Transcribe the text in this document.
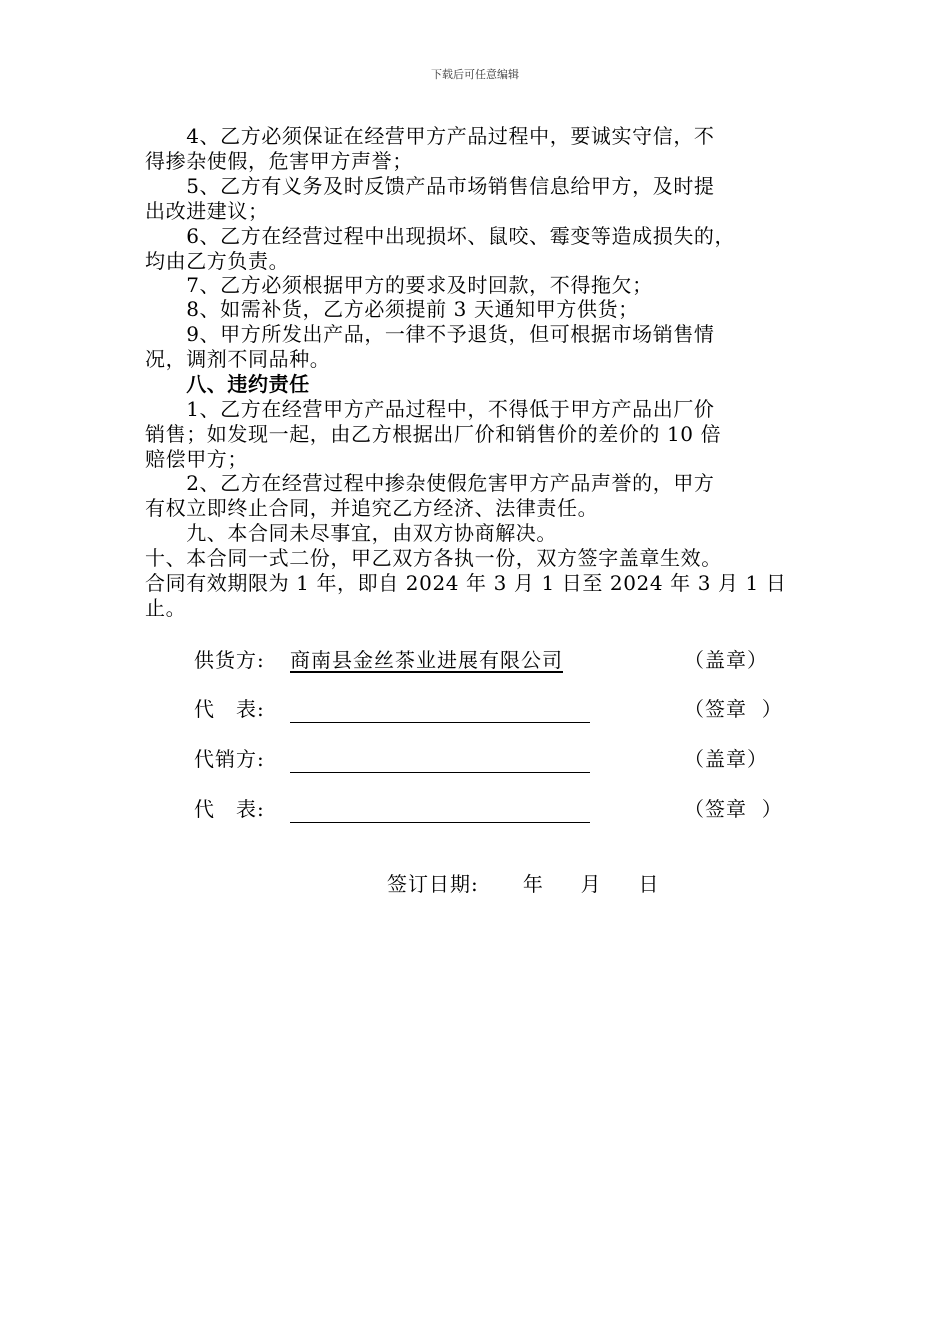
下载后可任意编辑
　　4、乙方必须保证在经营甲方产品过程中，要诚实守信，不
得掺杂使假，危害甲方声誉；
　　5、乙方有义务及时反馈产品市场销售信息给甲方，及时提
出改进建议；
　　6、乙方在经营过程中出现损坏、鼠咬、霉变等造成损失的，
均由乙方负责。
　　7、乙方必须根据甲方的要求及时回款，不得拖欠；
　　8、如需补货，乙方必须提前 3 天通知甲方供货；
　　9、甲方所发出产品，一律不予退货，但可根据市场销售情
况，调剂不同品种。
　　八、违约责任
　　1、乙方在经营甲方产品过程中，不得低于甲方产品出厂价
销售；如发现一起，由乙方根据出厂价和销售价的差价的 10 倍
赔偿甲方；
　　2、乙方在经营过程中掺杂使假危害甲方产品声誉的，甲方
有权立即终止合同，并追究乙方经济、法律责任。
　　九、本合同未尽事宜，由双方协商解决。
十、本合同一式二份，甲乙双方各执一份，双方签字盖章生效。
合同有效期限为 1 年，即自 2024 年 3 月 1 日至 2024 年 3 月 1 日
止。
供货方: 商南县金丝茶业进展有限公司	（盖章）
代　表:	（签章  ）
代销方:	（盖章）
代　表:	（签章  ）
签订日期:      年     月     日
